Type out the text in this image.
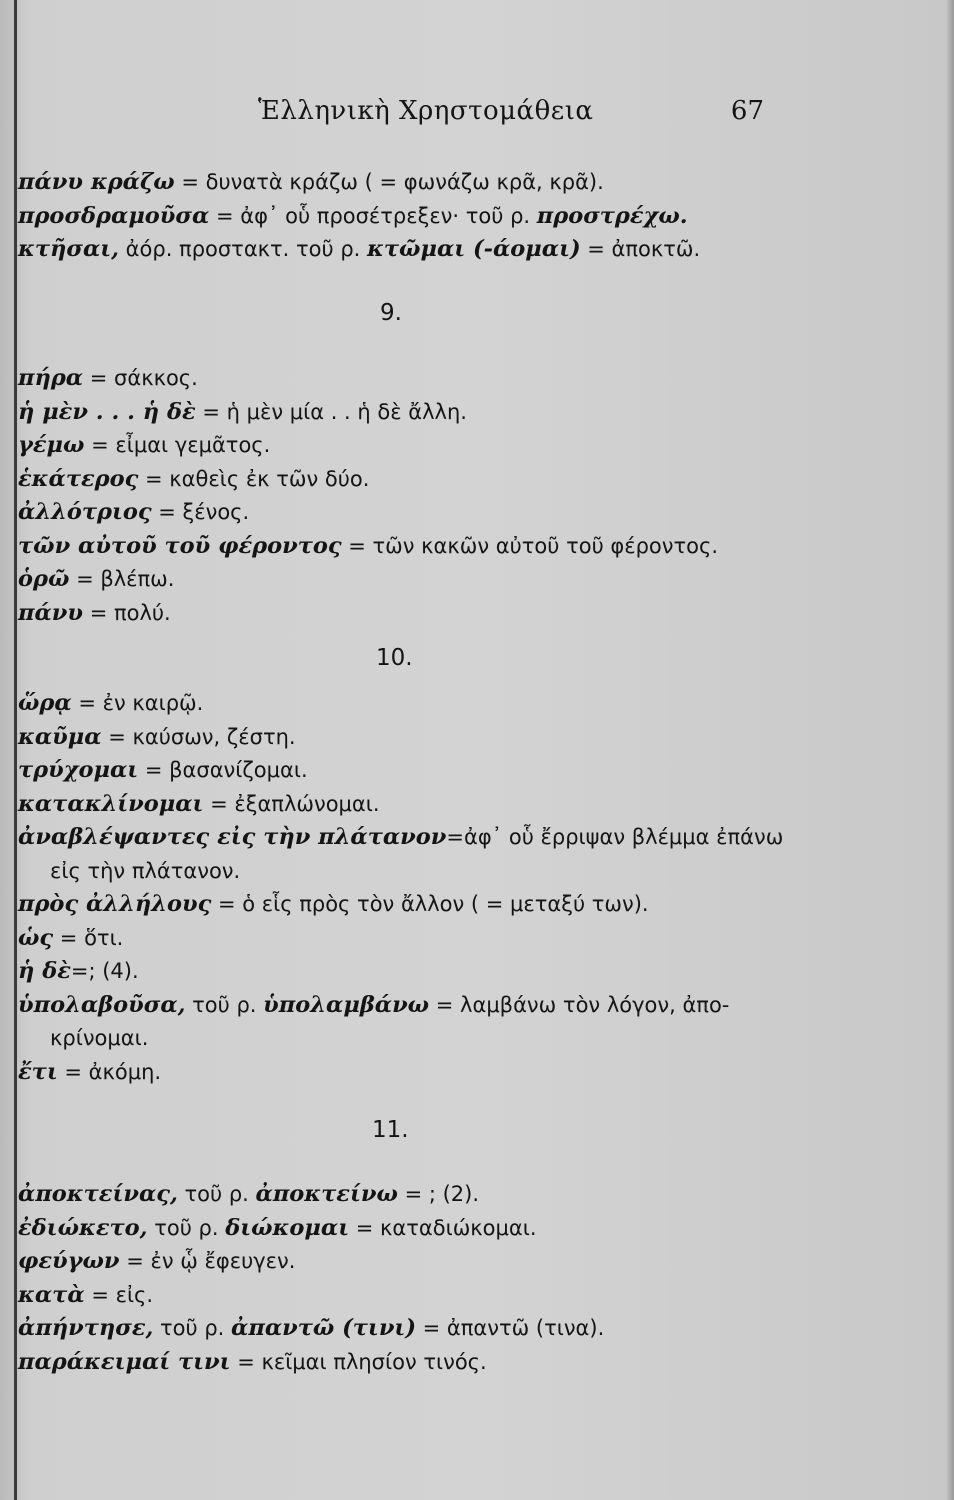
Ἑλληνικὴ Χρηστομάθεια	67
πάνυ κράζω = δυνατὰ κράζω ( = φωνάζω κρᾶ, κρᾶ).
προσδραμοῦσα = ἀφ᾿ οὗ προσέτρεξεν· τοῦ ρ. προστρέχω.
κτῆσαι, ἀόρ. προστακτ. τοῦ ρ. κτῶμαι (-άομαι) = ἀποκτῶ.
9.
πήρα = σάκκος.
ἡ μὲν . . . ἡ δὲ = ἡ μὲν μία . . ἡ δὲ ἄλλη.
γέμω = εἶμαι γεμᾶτος.
ἑκάτερος = καθεὶς ἐκ τῶν δύο.
ἀλλότριος = ξένος.
τῶν αὐτοῦ τοῦ φέροντος = τῶν κακῶν αὐτοῦ τοῦ φέροντος.
ὁρῶ = βλέπω.
πάνυ = πολύ.
10.
ὥρᾳ = ἐν καιρῷ.
καῦμα = καύσων, ζέστη.
τρύχομαι = βασανίζομαι.
κατακλίνομαι = ἐξαπλώνομαι.
ἀναβλέψαντες εἰς τὴν πλάτανον=ἀφ᾿ οὗ ἔρριψαν βλέμμα ἐπάνω
εἰς τὴν πλάτανον.
πρὸς ἀλλήλους = ὁ εἷς πρὸς τὸν ἄλλον ( = μεταξύ των).
ὡς = ὅτι.
ἡ δὲ=; (4).
ὑπολαβοῦσα, τοῦ ρ. ὑπολαμβάνω = λαμβάνω τὸν λόγον, ἀπο-
κρίνομαι.
ἔτι = ἀκόμη.
11.
ἀποκτείνας, τοῦ ρ. ἀποκτείνω = ; (2).
ἐδιώκετο, τοῦ ρ. διώκομαι = καταδιώκομαι.
φεύγων = ἐν ᾧ ἔφευγεν.
κατὰ = εἰς.
ἀπήντησε, τοῦ ρ. ἀπαντῶ (τινι) = ἀπαντῶ (τινα).
παράκειμαί τινι = κεῖμαι πλησίον τινός.
